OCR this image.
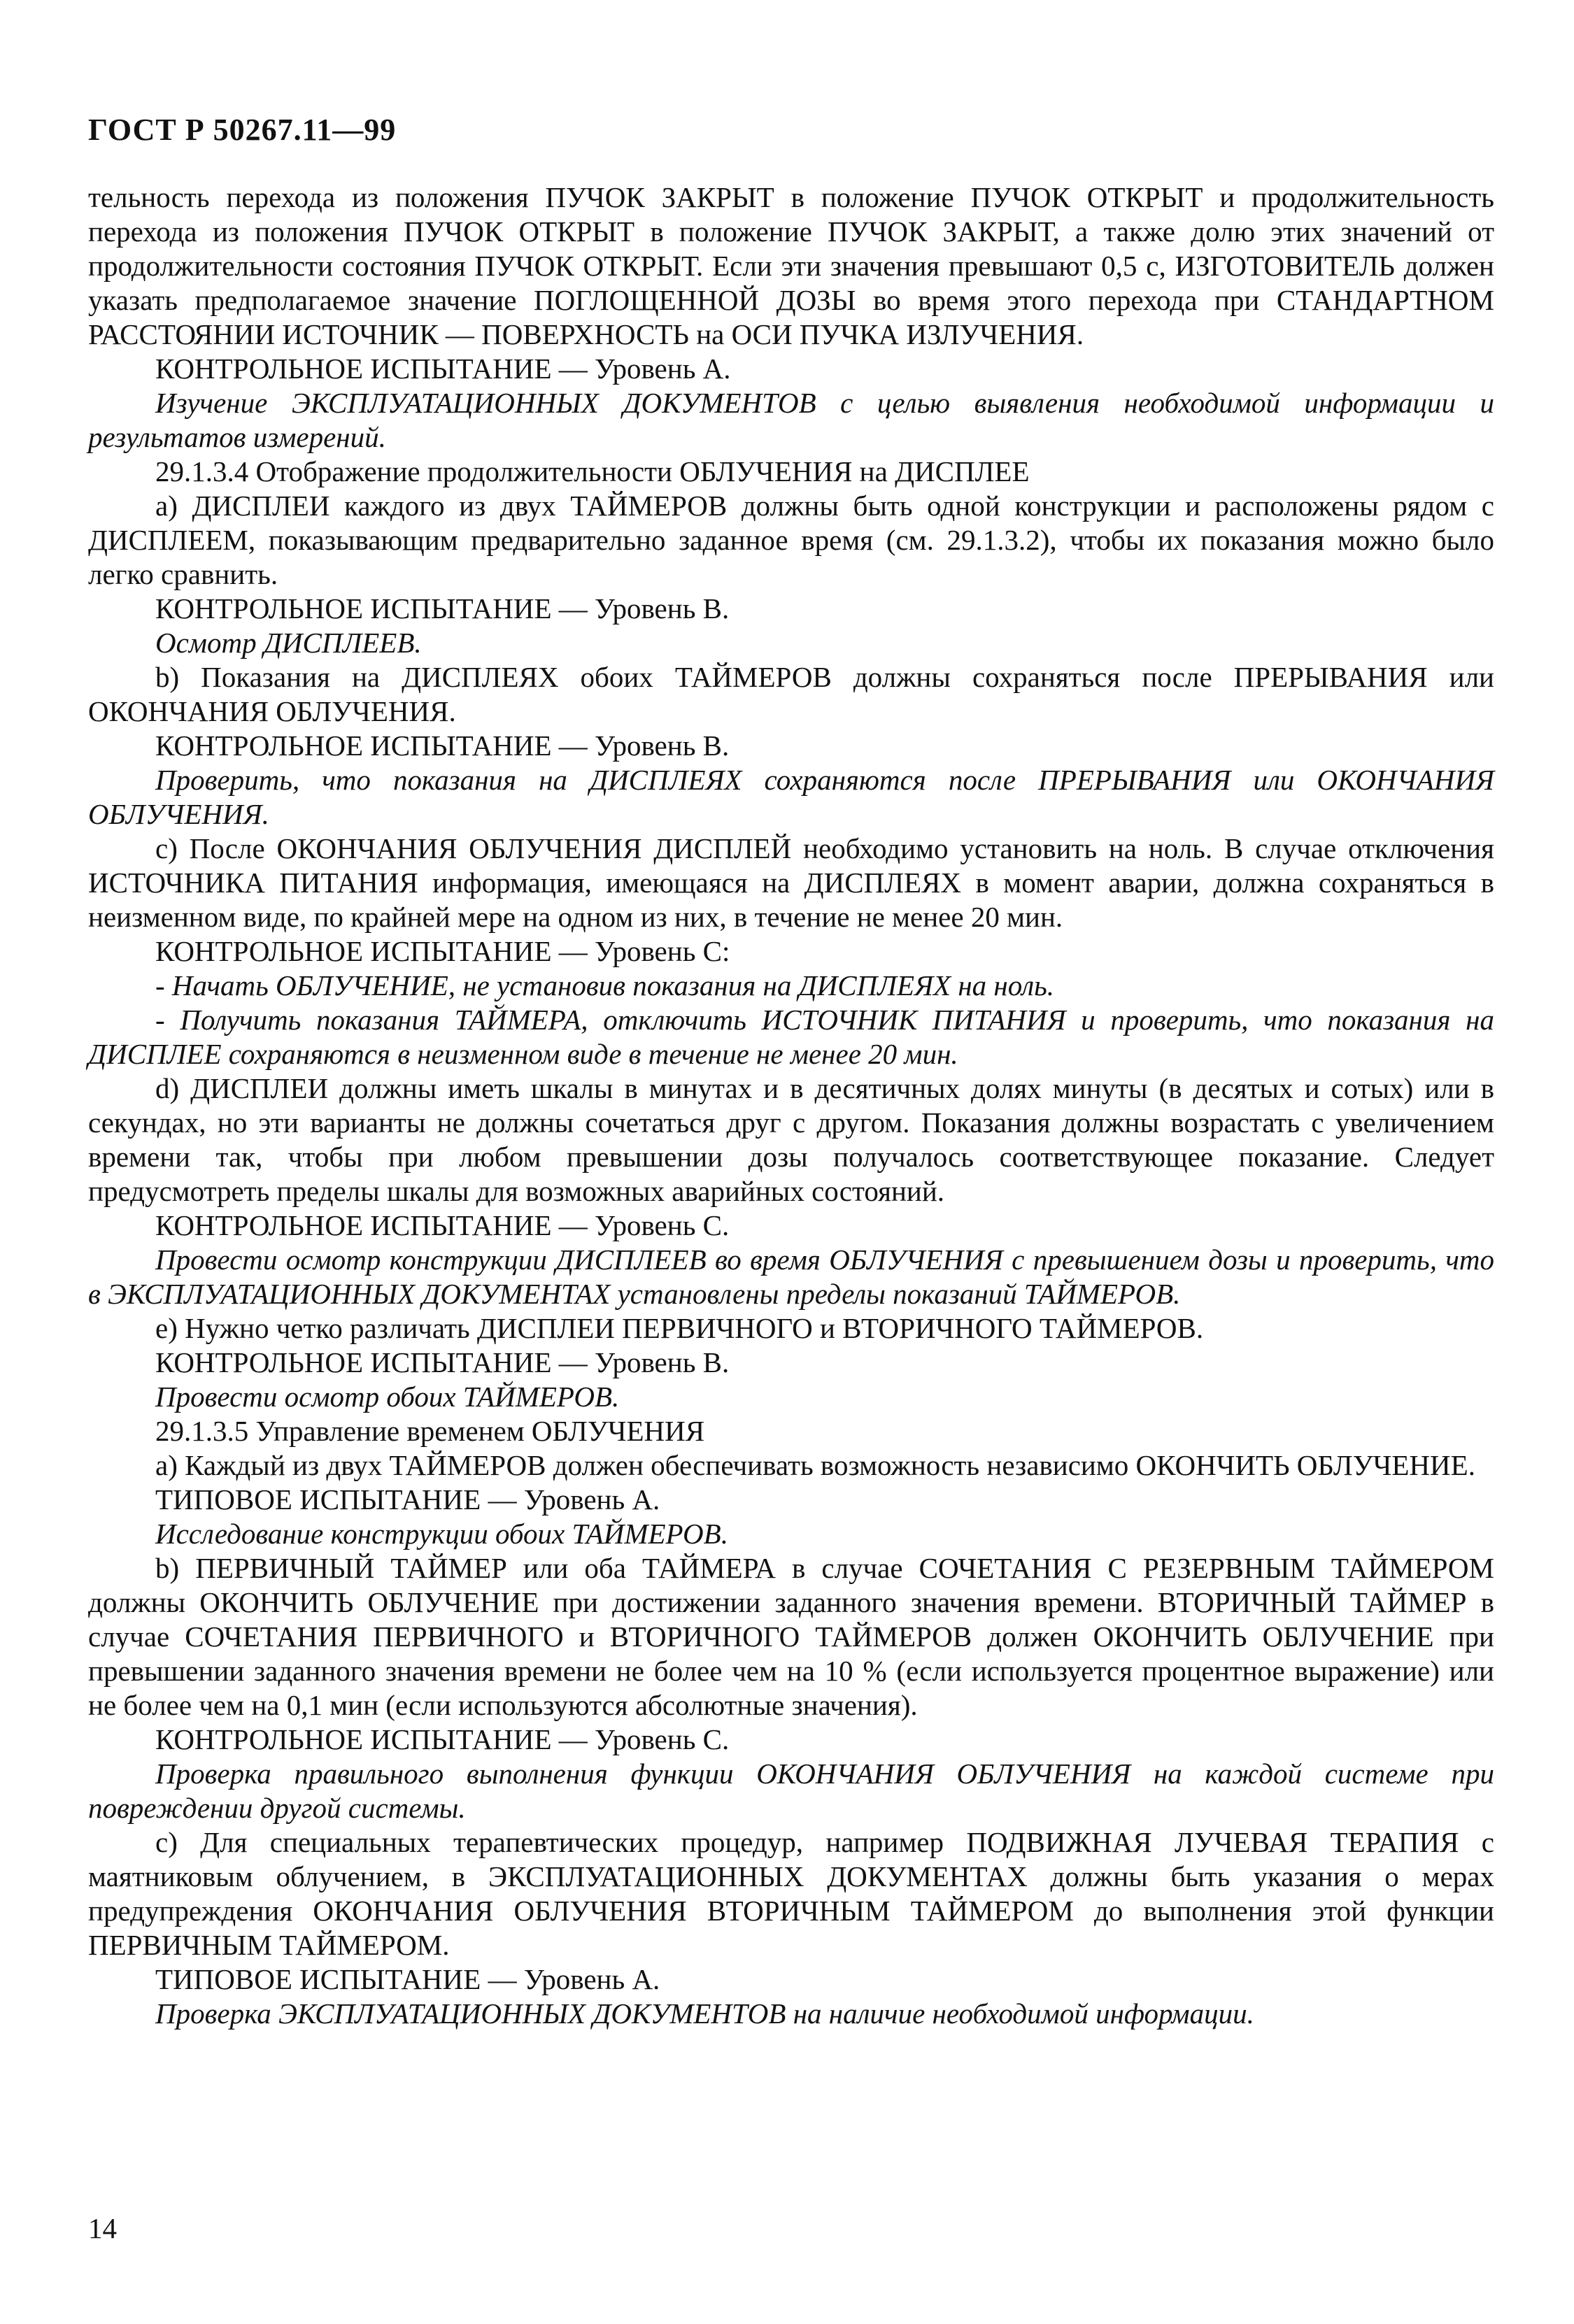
ГОСТ Р 50267.11—99

тельность перехода из положения ПУЧОК ЗАКРЫТ в положение ПУЧОК ОТКРЫТ и продолжительность перехода из положения ПУЧОК ОТКРЫТ в положение ПУЧОК ЗАКРЫТ, а также долю этих значений от продолжительности состояния ПУЧОК ОТКРЫТ. Если эти значения превышают 0,5 с, ИЗГОТОВИТЕЛЬ должен указать предполагаемое значение ПОГЛОЩЕННОЙ ДОЗЫ во время этого перехода при СТАНДАРТНОМ РАССТОЯНИИ ИСТОЧНИК — ПОВЕРХНОСТЬ на ОСИ ПУЧКА ИЗЛУЧЕНИЯ.

КОНТРОЛЬНОЕ ИСПЫТАНИЕ — Уровень А.

Изучение ЭКСПЛУАТАЦИОННЫХ ДОКУМЕНТОВ с целью выявления необходимой информации и результатов измерений.

29.1.3.4 Отображение продолжительности ОБЛУЧЕНИЯ на ДИСПЛЕЕ

a) ДИСПЛЕИ каждого из двух ТАЙМЕРОВ должны быть одной конструкции и расположены рядом с ДИСПЛЕЕМ, показывающим предварительно заданное время (см. 29.1.3.2), чтобы их показания можно было легко сравнить.

КОНТРОЛЬНОЕ ИСПЫТАНИЕ — Уровень В.

Осмотр ДИСПЛЕЕВ.

b) Показания на ДИСПЛЕЯХ обоих ТАЙМЕРОВ должны сохраняться после ПРЕРЫВАНИЯ или ОКОНЧАНИЯ ОБЛУЧЕНИЯ.

КОНТРОЛЬНОЕ ИСПЫТАНИЕ — Уровень В.

Проверить, что показания на ДИСПЛЕЯХ сохраняются после ПРЕРЫВАНИЯ или ОКОНЧАНИЯ ОБЛУЧЕНИЯ.

c) После ОКОНЧАНИЯ ОБЛУЧЕНИЯ ДИСПЛЕЙ необходимо установить на ноль. В случае отключения ИСТОЧНИКА ПИТАНИЯ информация, имеющаяся на ДИСПЛЕЯХ в момент аварии, должна сохраняться в неизменном виде, по крайней мере на одном из них, в течение не менее 20 мин.

КОНТРОЛЬНОЕ ИСПЫТАНИЕ — Уровень С:

- Начать ОБЛУЧЕНИЕ, не установив показания на ДИСПЛЕЯХ на ноль.

- Получить показания ТАЙМЕРА, отключить ИСТОЧНИК ПИТАНИЯ и проверить, что показания на ДИСПЛЕЕ сохраняются в неизменном виде в течение не менее 20 мин.

d) ДИСПЛЕИ должны иметь шкалы в минутах и в десятичных долях минуты (в десятых и сотых) или в секундах, но эти варианты не должны сочетаться друг с другом. Показания должны возрастать с увеличением времени так, чтобы при любом превышении дозы получалось соответствующее показание. Следует предусмотреть пределы шкалы для возможных аварийных состояний.

КОНТРОЛЬНОЕ ИСПЫТАНИЕ — Уровень С.

Провести осмотр конструкции ДИСПЛЕЕВ во время ОБЛУЧЕНИЯ с превышением дозы и проверить, что в ЭКСПЛУАТАЦИОННЫХ ДОКУМЕНТАХ установлены пределы показаний ТАЙМЕРОВ.

e) Нужно четко различать ДИСПЛЕИ ПЕРВИЧНОГО и ВТОРИЧНОГО ТАЙМЕРОВ.

КОНТРОЛЬНОЕ ИСПЫТАНИЕ — Уровень В.

Провести осмотр обоих ТАЙМЕРОВ.

29.1.3.5 Управление временем ОБЛУЧЕНИЯ

a) Каждый из двух ТАЙМЕРОВ должен обеспечивать возможность независимо ОКОНЧИТЬ ОБЛУЧЕНИЕ.

ТИПОВОЕ ИСПЫТАНИЕ — Уровень А.

Исследование конструкции обоих ТАЙМЕРОВ.

b) ПЕРВИЧНЫЙ ТАЙМЕР или оба ТАЙМЕРА в случае СОЧЕТАНИЯ С РЕЗЕРВНЫМ ТАЙМЕРОМ должны ОКОНЧИТЬ ОБЛУЧЕНИЕ при достижении заданного значения времени. ВТОРИЧНЫЙ ТАЙМЕР в случае СОЧЕТАНИЯ ПЕРВИЧНОГО и ВТОРИЧНОГО ТАЙМЕРОВ должен ОКОНЧИТЬ ОБЛУЧЕНИЕ при превышении заданного значения времени не более чем на 10 % (если используется процентное выражение) или не более чем на 0,1 мин (если используются абсолютные значения).

КОНТРОЛЬНОЕ ИСПЫТАНИЕ — Уровень С.

Проверка правильного выполнения функции ОКОНЧАНИЯ ОБЛУЧЕНИЯ на каждой системе при повреждении другой системы.

c) Для специальных терапевтических процедур, например ПОДВИЖНАЯ ЛУЧЕВАЯ ТЕРАПИЯ с маятниковым облучением, в ЭКСПЛУАТАЦИОННЫХ ДОКУМЕНТАХ должны быть указания о мерах предупреждения ОКОНЧАНИЯ ОБЛУЧЕНИЯ ВТОРИЧНЫМ ТАЙМЕРОМ до выполнения этой функции ПЕРВИЧНЫМ ТАЙМЕРОМ.

ТИПОВОЕ ИСПЫТАНИЕ — Уровень А.

Проверка ЭКСПЛУАТАЦИОННЫХ ДОКУМЕНТОВ на наличие необходимой информации.

14
